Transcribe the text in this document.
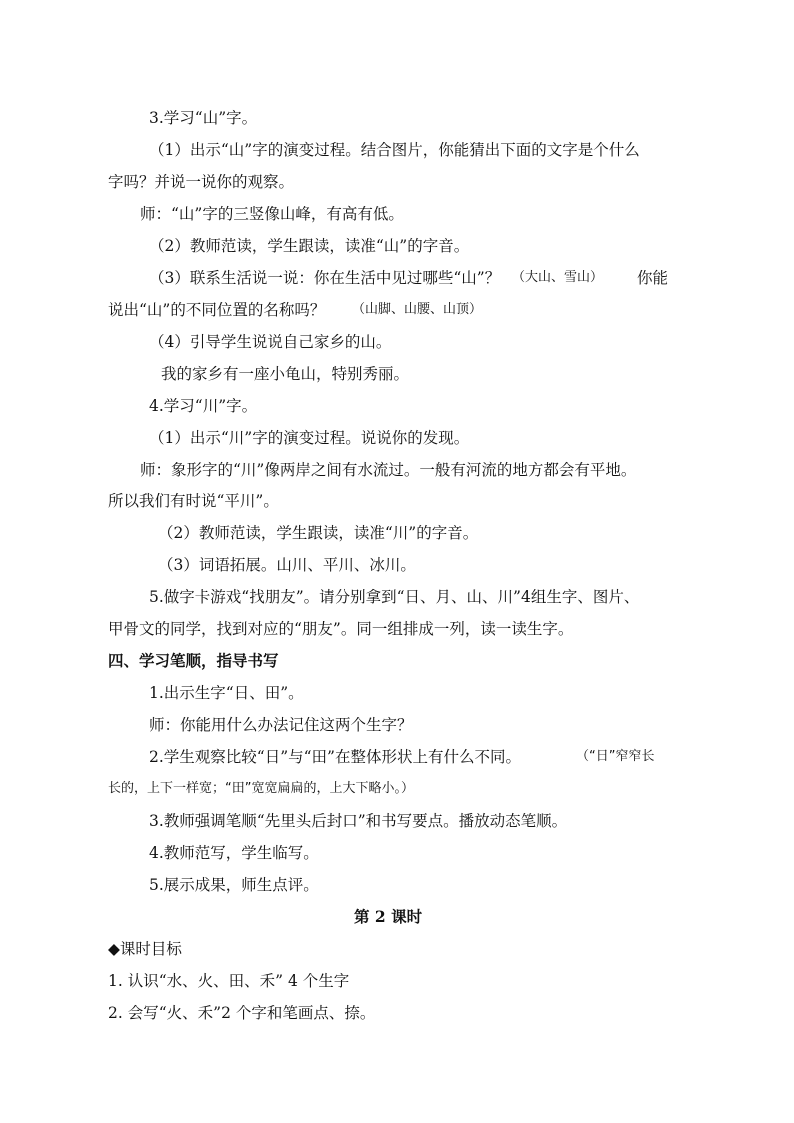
3.学习“山”字。
（1）出示“山”字的演变过程。结合图片，你能猜出下面的文字是个什么
字吗？并说一说你的观察。
师：“山”字的三竖像山峰，有高有低。
（2）教师范读，学生跟读，读准“山”的字音。
（3）联系生活说一说：你在生活中见过哪些“山”？ （大山、雪山） 你能
说出“山”的不同位置的名称吗？ （山脚、山腰、山顶）
（4）引导学生说说自己家乡的山。
我的家乡有一座小龟山，特别秀丽。
4.学习“川”字。
（1）出示“川”字的演变过程。说说你的发现。
师：象形字的“川”像两岸之间有水流过。一般有河流的地方都会有平地。
所以我们有时说“平川”。
（2）教师范读，学生跟读，读准“川”的字音。
（3）词语拓展。山川、平川、冰川。
5.做字卡游戏“找朋友”。请分别拿到“日、月、山、川”4组生字、图片、
甲骨文的同学，找到对应的“朋友”。同一组排成一列，读一读生字。
四、学习笔顺，指导书写
1.出示生字“日、田”。
师：你能用什么办法记住这两个生字？
2.学生观察比较“日”与“田”在整体形状上有什么不同。	（“日”窄窄长
长的，上下一样宽；“田”宽宽扁扁的，上大下略小。）
3.教师强调笔顺“先里头后封口”和书写要点。播放动态笔顺。
4.教师范写，学生临写。
5.展示成果，师生点评。
第 2 课时
◆课时目标
1. 认识“水、火、田、禾” 4 个生字
2. 会写“火、禾”2 个字和笔画点、捺。
